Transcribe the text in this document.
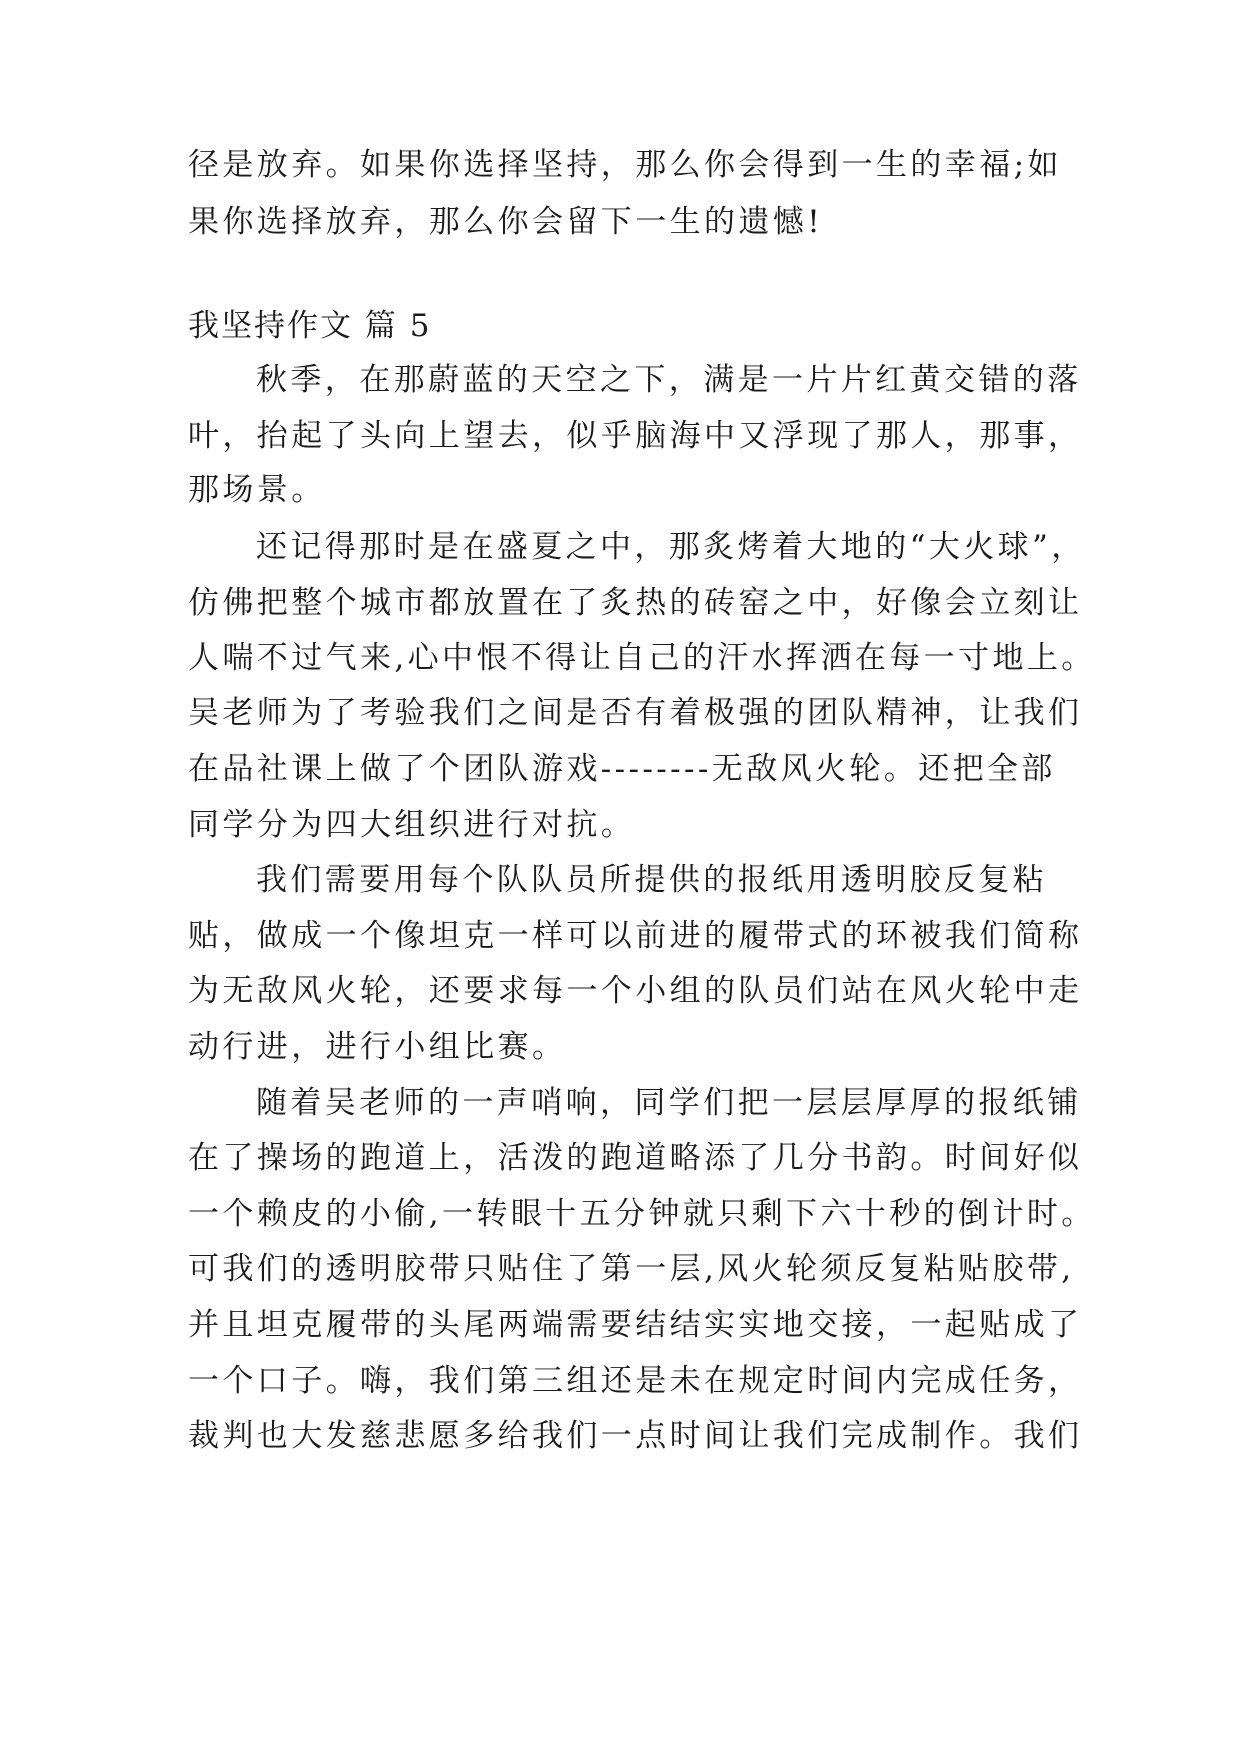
径是放弃。如果你选择坚持，那么你会得到一生的幸福;如
果你选择放弃，那么你会留下一生的遗憾!
我坚持作文 篇 5
秋季，在那蔚蓝的天空之下，满是一片片红黄交错的落
叶，抬起了头向上望去，似乎脑海中又浮现了那人，那事，
那场景。
还记得那时是在盛夏之中，那炙烤着大地的“大火球”，
仿佛把整个城市都放置在了炙热的砖窑之中，好像会立刻让
人喘不过气来,心中恨不得让自己的汗水挥洒在每一寸地上。
吴老师为了考验我们之间是否有着极强的团队精神，让我们
在品社课上做了个团队游戏--------无敌风火轮。还把全部
同学分为四大组织进行对抗。
我们需要用每个队队员所提供的报纸用透明胶反复粘
贴，做成一个像坦克一样可以前进的履带式的环被我们简称
为无敌风火轮，还要求每一个小组的队员们站在风火轮中走
动行进，进行小组比赛。
随着吴老师的一声哨响，同学们把一层层厚厚的报纸铺
在了操场的跑道上，活泼的跑道略添了几分书韵。时间好似
一个赖皮的小偷,一转眼十五分钟就只剩下六十秒的倒计时。
可我们的透明胶带只贴住了第一层,风火轮须反复粘贴胶带,
并且坦克履带的头尾两端需要结结实实地交接，一起贴成了
一个口子。嗨，我们第三组还是未在规定时间内完成任务，
裁判也大发慈悲愿多给我们一点时间让我们完成制作。我们
